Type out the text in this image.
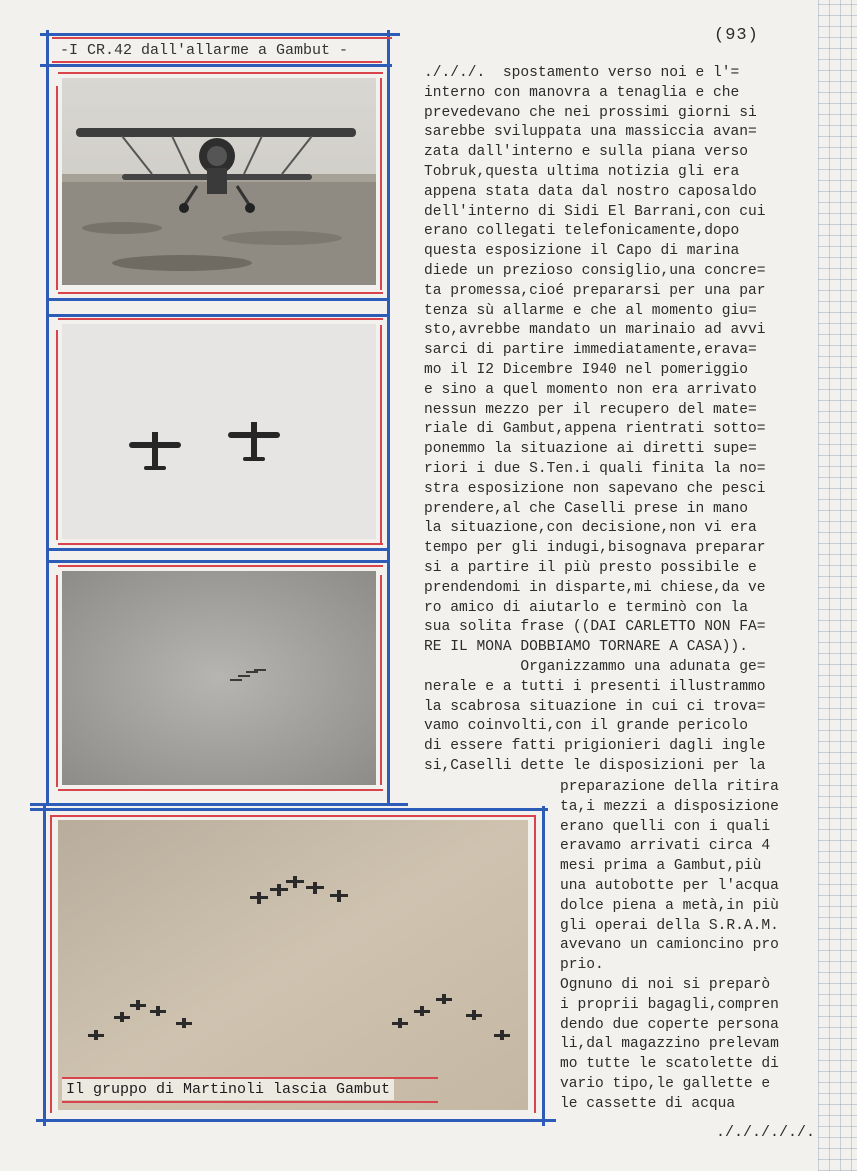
(93)
-I CR.42 dall'allarme a Gambut -
Il gruppo di Martinoli lascia Gambut
./././.  spostamento verso noi e l'=
interno con manovra a tenaglia e che
prevedevano che nei prossimi giorni si
sarebbe sviluppata una massiccia avan=
zata dall'interno e sulla piana verso
Tobruk,questa ultima notizia gli era
appena stata data dal nostro caposaldo
dell'interno di Sidi El Barrani,con cui
erano collegati telefonicamente,dopo
questa esposizione il Capo di marina
diede un prezioso consiglio,una concre=
ta promessa,cioé prepararsi per una par
tenza sù allarme e che al momento giu=
sto,avrebbe mandato un marinaio ad avvi
sarci di partire immediatamente,erava=
mo il I2 Dicembre I940 nel pomeriggio
e sino a quel momento non era arrivato
nessun mezzo per il recupero del mate=
riale di Gambut,appena rientrati sotto=
ponemmo la situazione ai diretti supe=
riori i due S.Ten.i quali finita la no=
stra esposizione non sapevano che pesci
prendere,al che Caselli prese in mano
la situazione,con decisione,non vi era
tempo per gli indugi,bisognava preparar
si a partire il più presto possibile e
prendendomi in disparte,mi chiese,da ve
ro amico di aiutarlo e terminò con la
sua solita frase ((DAI CARLETTO NON FA=
RE IL MONA DOBBIAMO TORNARE A CASA)).
Organizzammo una adunata ge=
nerale e a tutti i presenti illustrammo
la scabrosa situazione in cui ci trova=
vamo coinvolti,con il grande pericolo
di essere fatti prigionieri dagli ingle
si,Caselli dette le disposizioni per la
preparazione della ritira
ta,i mezzi a disposizione
erano quelli con i quali
eravamo arrivati circa 4
mesi prima a Gambut,più
una autobotte per l'acqua
dolce piena a metà,in più
gli operai della S.R.A.M.
avevano un camioncino pro
prio.
Ognuno di noi si preparò
i proprii bagagli,compren
dendo due coperte persona
li,dal magazzino prelevam
mo tutte le scatolette di
vario tipo,le gallette e
le cassette di acqua
./././././.
